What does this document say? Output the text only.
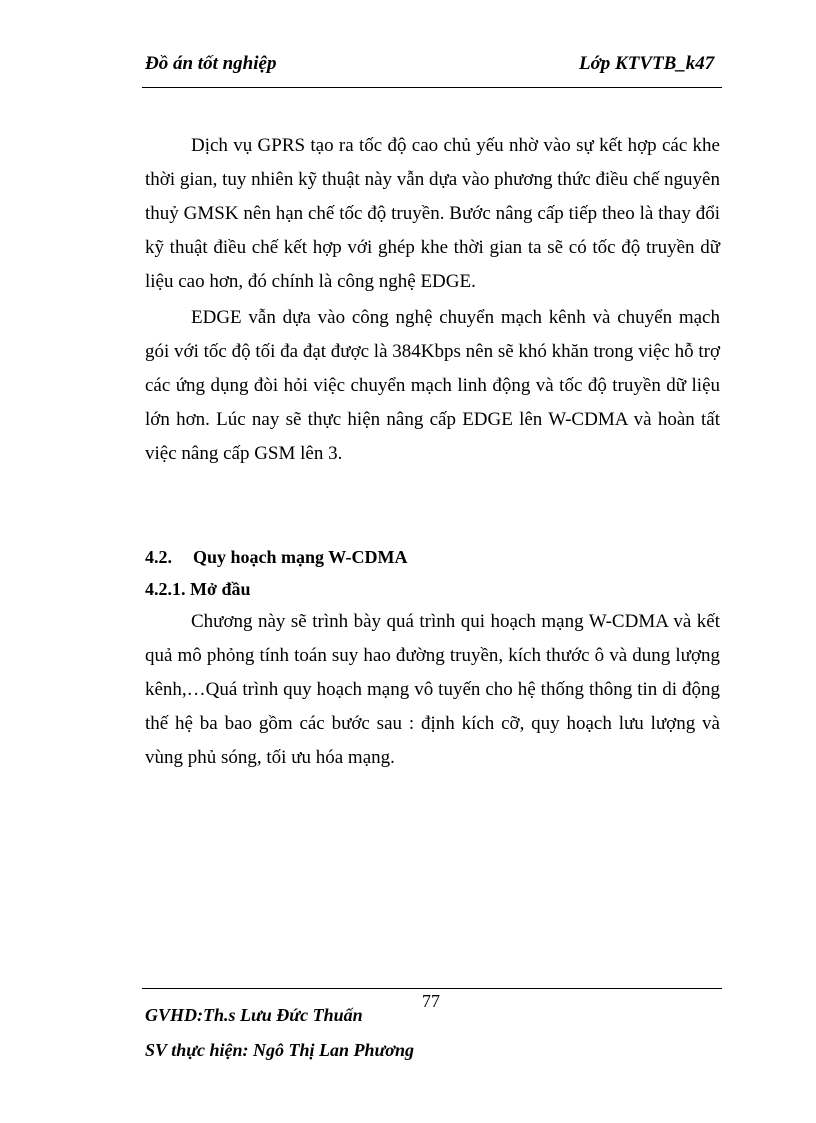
Đồ án tốt nghiệp	Lớp KTVTB_k47

Dịch vụ GPRS tạo ra tốc độ cao chủ yếu nhờ vào sự kết hợp các khe thời gian, tuy nhiên kỹ thuật này vẫn dựa vào phương thức điều chế nguyên thuỷ GMSK nên hạn chế tốc độ truyền. Bước nâng cấp tiếp theo là thay đổi kỹ thuật điều chế kết hợp với ghép khe thời gian ta sẽ có tốc độ truyền dữ liệu cao hơn, đó chính là công nghệ EDGE.

EDGE vẫn dựa vào công nghệ chuyển mạch kênh và chuyển mạch gói với tốc độ tối đa đạt được là 384Kbps nên sẽ khó khăn trong việc hỗ trợ các ứng dụng đòi hỏi việc chuyển mạch linh động và tốc độ truyền dữ liệu lớn hơn. Lúc nay sẽ thực hiện nâng cấp EDGE lên W-CDMA và hoàn tất việc nâng cấp GSM lên 3.

4.2. Quy hoạch mạng W-CDMA
4.2.1. Mở đầu

Chương này sẽ trình bày quá trình qui hoạch mạng W-CDMA và kết quả mô phỏng tính toán suy hao đường truyền, kích thước ô và dung lượng kênh,…Quá trình quy hoạch mạng vô tuyến cho hệ thống thông tin di động thế hệ ba bao gồm các bước sau : định kích cỡ, quy hoạch lưu lượng và vùng phủ sóng, tối ưu hóa mạng.

77
GVHD:Th.s Lưu Đức Thuấn
SV thực hiện: Ngô Thị Lan Phương
